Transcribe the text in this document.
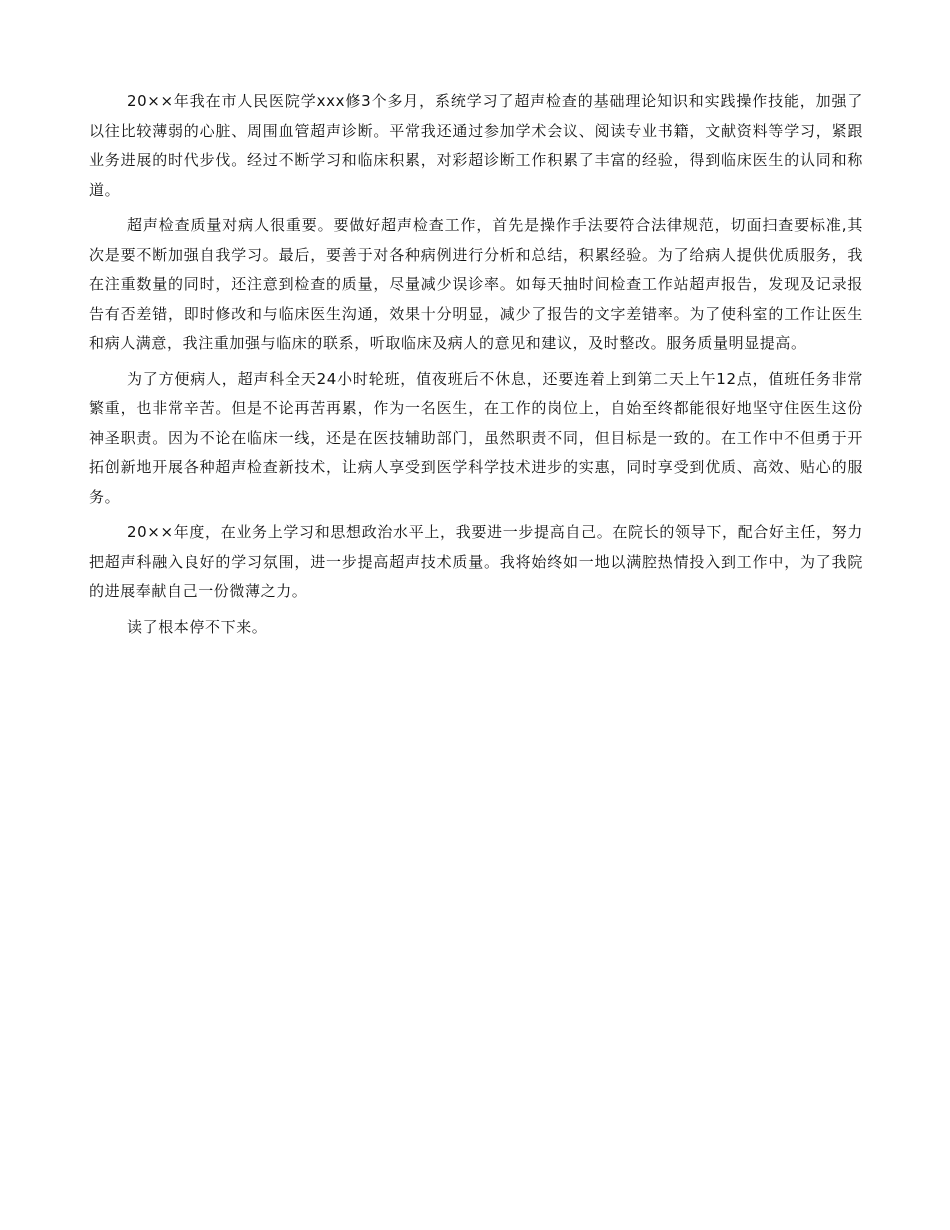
20××年我在市人民医院学xxx修3个多月，系统学习了超声检查的基础理论知识和实践操作技能，加强了以往比较薄弱的心脏、周围血管超声诊断。平常我还通过参加学术会议、阅读专业书籍，文献资料等学习，紧跟业务进展的时代步伐。经过不断学习和临床积累，对彩超诊断工作积累了丰富的经验，得到临床医生的认同和称道。

超声检查质量对病人很重要。要做好超声检查工作，首先是操作手法要符合法律规范，切面扫查要标准,其次是要不断加强自我学习。最后，要善于对各种病例进行分析和总结，积累经验。为了给病人提供优质服务，我在注重数量的同时，还注意到检查的质量，尽量减少误诊率。如每天抽时间检查工作站超声报告，发现及记录报告有否差错，即时修改和与临床医生沟通，效果十分明显，减少了报告的文字差错率。为了使科室的工作让医生和病人满意，我注重加强与临床的联系，听取临床及病人的意见和建议，及时整改。服务质量明显提高。

为了方便病人，超声科全天24小时轮班，值夜班后不休息，还要连着上到第二天上午12点，值班任务非常繁重，也非常辛苦。但是不论再苦再累，作为一名医生，在工作的岗位上，自始至终都能很好地坚守住医生这份神圣职责。因为不论在临床一线，还是在医技辅助部门，虽然职责不同，但目标是一致的。在工作中不但勇于开拓创新地开展各种超声检查新技术，让病人享受到医学科学技术进步的实惠，同时享受到优质、高效、贴心的服务。

20××年度，在业务上学习和思想政治水平上，我要进一步提高自己。在院长的领导下，配合好主任，努力把超声科融入良好的学习氛围，进一步提高超声技术质量。我将始终如一地以满腔热情投入到工作中，为了我院的进展奉献自己一份微薄之力。

读了根本停不下来。
